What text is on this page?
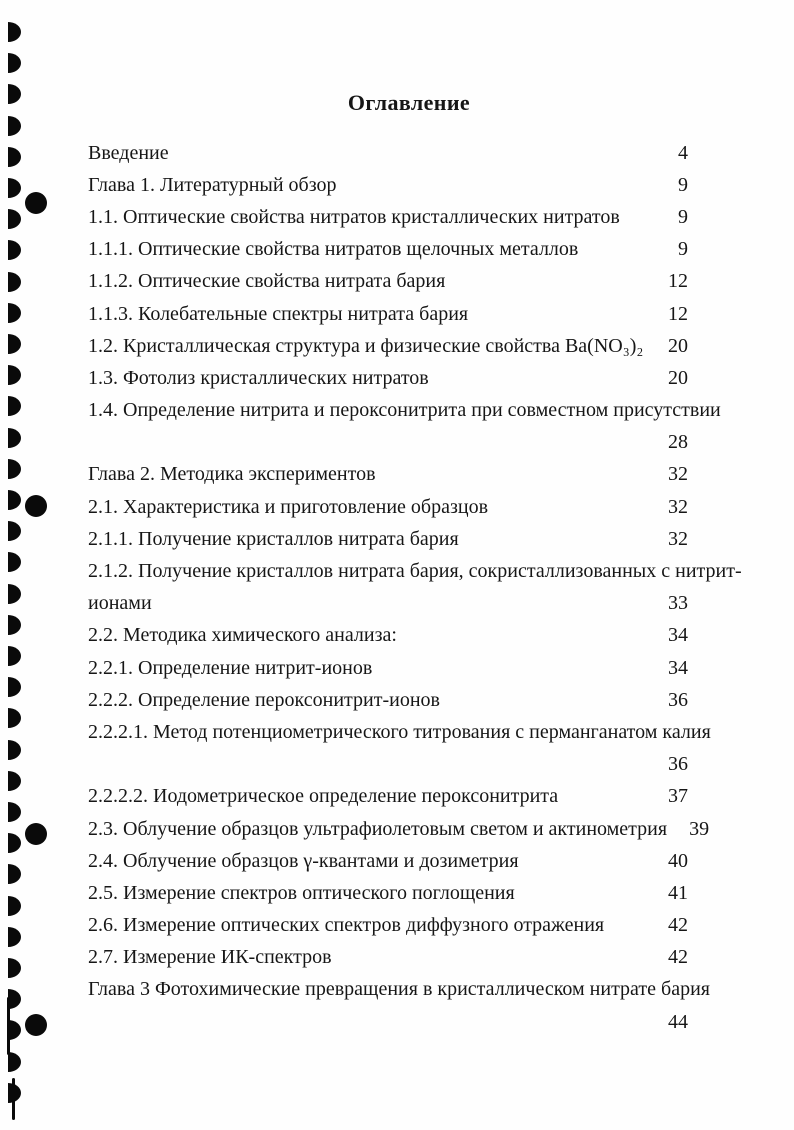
Оглавление
Введение	4
Глава 1. Литературный обзор	9
1.1. Оптические свойства нитратов кристаллических нитратов	9
1.1.1. Оптические свойства нитратов щелочных металлов	9
1.1.2. Оптические свойства нитрата бария	12
1.1.3. Колебательные спектры нитрата бария	12
1.2. Кристаллическая структура и физические свойства Ba(NO₃)₂	20
1.3. Фотолиз кристаллических нитратов	20
1.4. Определение нитрита и пероксонитрита при совместном присутствии
28
Глава 2. Методика экспериментов	32
2.1. Характеристика и приготовление образцов	32
2.1.1. Получение кристаллов нитрата бария	32
2.1.2. Получение кристаллов нитрата бария, сокристаллизованных с нитрит-
ионами	33
2.2. Методика химического анализа:	34
2.2.1. Определение нитрит-ионов	34
2.2.2. Определение пероксонитрит-ионов	36
2.2.2.1. Метод потенциометрического титрования с перманганатом калия
36
2.2.2.2. Иодометрическое определение пероксонитрита	37
2.3. Облучение образцов ультрафиолетовым светом и актинометрия	39
2.4. Облучение образцов γ-квантами и дозиметрия	40
2.5. Измерение спектров оптического поглощения	41
2.6. Измерение оптических спектров диффузного отражения	42
2.7. Измерение ИК-спектров	42
Глава 3 Фотохимические превращения в кристаллическом нитрате бария
44
